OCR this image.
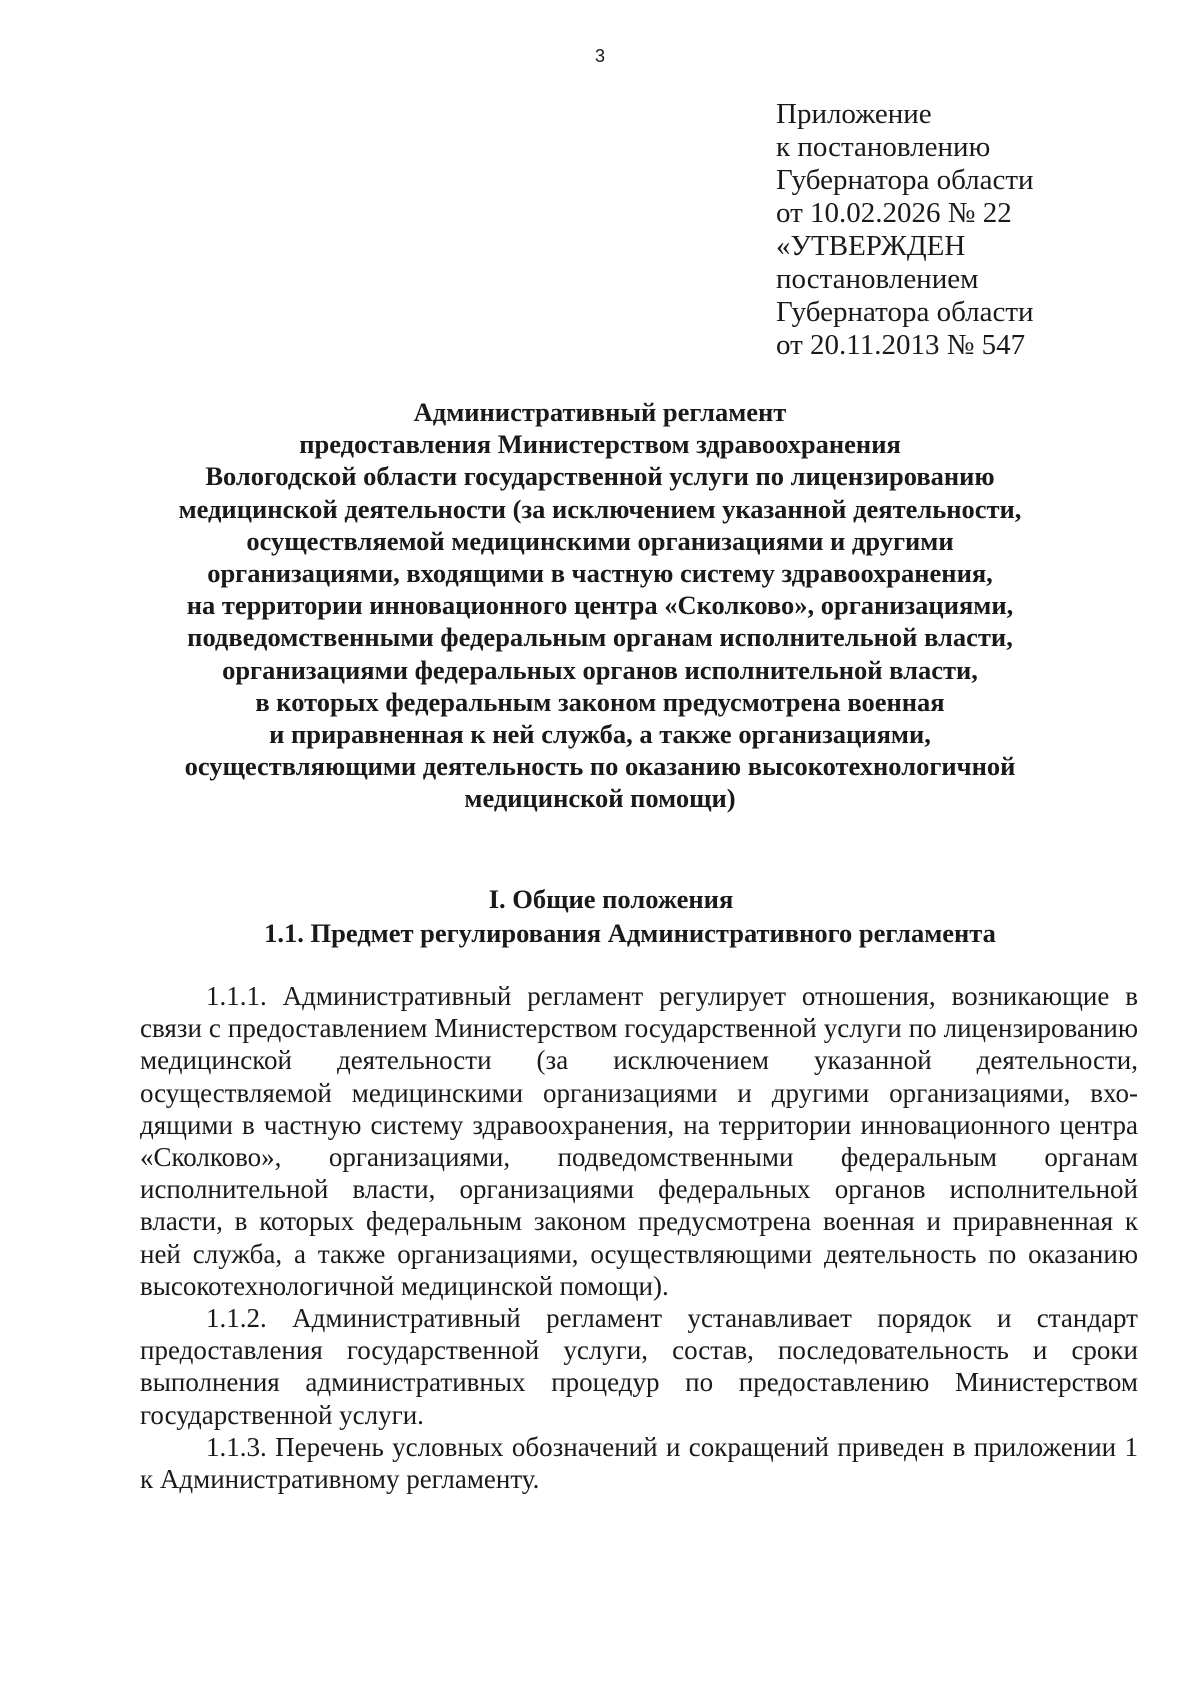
3
Приложение
к постановлению
Губернатора области
от 10.02.2026 № 22
«УТВЕРЖДЕН
постановлением
Губернатора области
от 20.11.2013 № 547
Административный регламент
предоставления Министерством здравоохранения
Вологодской области государственной услуги по лицензированию
медицинской деятельности (за исключением указанной деятельности,
осуществляемой медицинскими организациями и другими
организациями, входящими в частную систему здравоохранения,
на территории инновационного центра «Сколково», организациями,
подведомственными федеральным органам исполнительной власти,
организациями федеральных органов исполнительной власти,
в которых федеральным законом предусмотрена военная
и приравненная к ней служба, а также организациями,
осуществляющими деятельность по оказанию высокотехнологичной
медицинской помощи)
I. Общие положения
1.1. Предмет регулирования Административного регламента
1.1.1. Административный регламент регулирует отношения, возникающие в связи с предоставлением Министерством государственной услуги по лицензированию медицинской деятельности (за исключением указанной деятельности, осуществляемой медицинскими организациями и другими организациями, входящими в частную систему здравоохранения, на территории инновационного центра «Сколково», организациями, подведомственными федеральным органам исполнительной власти, организациями федеральных органов исполнительной власти, в которых федеральным законом предусмотрена военная и приравненная к ней служба, а также организациями, осуществляющими деятельность по оказанию высокотехнологичной медицинской помощи).
1.1.2. Административный регламент устанавливает порядок и стандарт предоставления государственной услуги, состав, последовательность и сроки выполнения административных процедур по предоставлению Министерством государственной услуги.
1.1.3. Перечень условных обозначений и сокращений приведен в приложении 1 к Административному регламенту.
